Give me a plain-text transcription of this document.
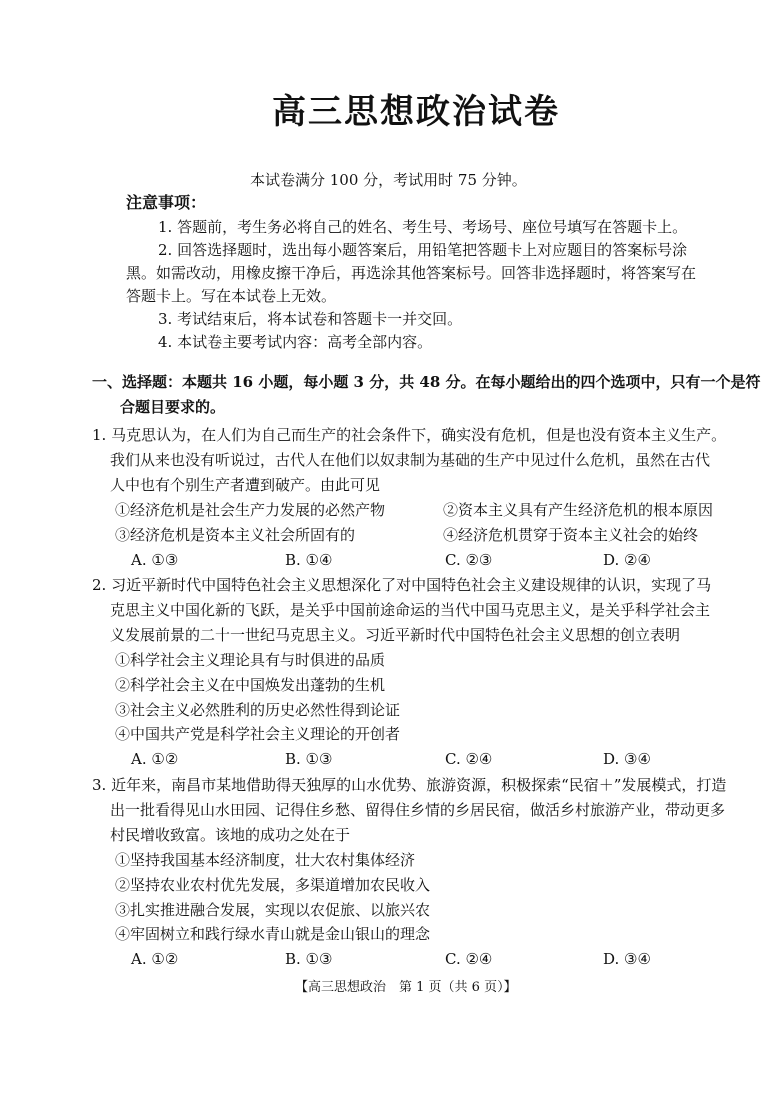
高三思想政治试卷
本试卷满分 100 分，考试用时 75 分钟。
注意事项：
1. 答题前，考生务必将自己的姓名、考生号、考场号、座位号填写在答题卡上。
2. 回答选择题时，选出每小题答案后，用铅笔把答题卡上对应题目的答案标号涂
黑。如需改动，用橡皮擦干净后，再选涂其他答案标号。回答非选择题时，将答案写在
答题卡上。写在本试卷上无效。
3. 考试结束后，将本试卷和答题卡一并交回。
4. 本试卷主要考试内容：高考全部内容。
一、选择题：本题共 16 小题，每小题 3 分，共 48 分。在每小题给出的四个选项中，只有一个是符
合题目要求的。
1. 马克思认为，在人们为自己而生产的社会条件下，确实没有危机，但是也没有资本主义生产。
我们从来也没有听说过，古代人在他们以奴隶制为基础的生产中见过什么危机，虽然在古代
人中也有个别生产者遭到破产。由此可见
①经济危机是社会生产力发展的必然产物	②资本主义具有产生经济危机的根本原因
③经济危机是资本主义社会所固有的	④经济危机贯穿于资本主义社会的始终
A. ①③	B. ①④	C. ②③	D. ②④
2. 习近平新时代中国特色社会主义思想深化了对中国特色社会主义建设规律的认识，实现了马
克思主义中国化新的飞跃，是关乎中国前途命运的当代中国马克思主义，是关乎科学社会主
义发展前景的二十一世纪马克思主义。习近平新时代中国特色社会主义思想的创立表明
①科学社会主义理论具有与时俱进的品质
②科学社会主义在中国焕发出蓬勃的生机
③社会主义必然胜利的历史必然性得到论证
④中国共产党是科学社会主义理论的开创者
A. ①②	B. ①③	C. ②④	D. ③④
3. 近年来，南昌市某地借助得天独厚的山水优势、旅游资源，积极探索“民宿＋”发展模式，打造
出一批看得见山水田园、记得住乡愁、留得住乡情的乡居民宿，做活乡村旅游产业，带动更多
村民增收致富。该地的成功之处在于
①坚持我国基本经济制度，壮大农村集体经济
②坚持农业农村优先发展，多渠道增加农民收入
③扎实推进融合发展，实现以农促旅、以旅兴农
④牢固树立和践行绿水青山就是金山银山的理念
A. ①②	B. ①③	C. ②④	D. ③④
【高三思想政治　第 1 页（共 6 页）】
